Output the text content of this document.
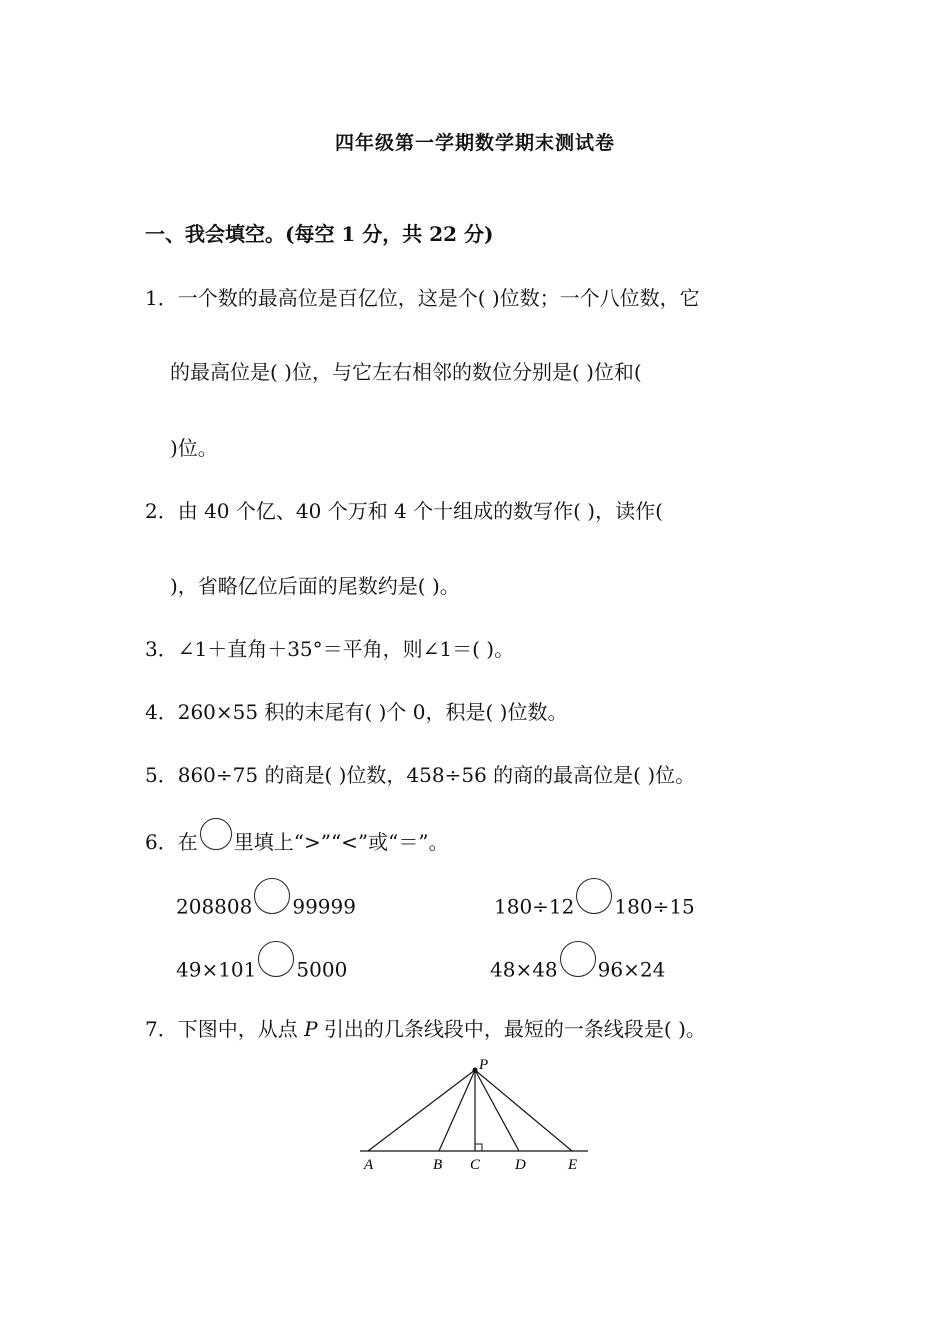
四年级第一学期数学期末测试卷
一、我会填空。(每空 1 分，共 22 分)
1．一个数的最高位是百亿位，这是个( )位数；一个八位数，它
的最高位是( )位，与它左右相邻的数位分别是( )位和(
)位。
2．由 40 个亿、40 个万和 4 个十组成的数写作( )，读作(
)，省略亿位后面的尾数约是( )。
3．∠1＋直角＋35°＝平角，则∠1＝( )。
4．260×55 积的末尾有( )个 0，积是( )位数。
5．860÷75 的商是( )位数，458÷56 的商的最高位是( )位。
6．在 里填上“>”“<”或“＝”。
208808 99999	180÷12 180÷15
49×101 5000	48×48 96×24
7．下图中，从点 P 引出的几条线段中，最短的一条线段是( )。
P
A	B C D	E
